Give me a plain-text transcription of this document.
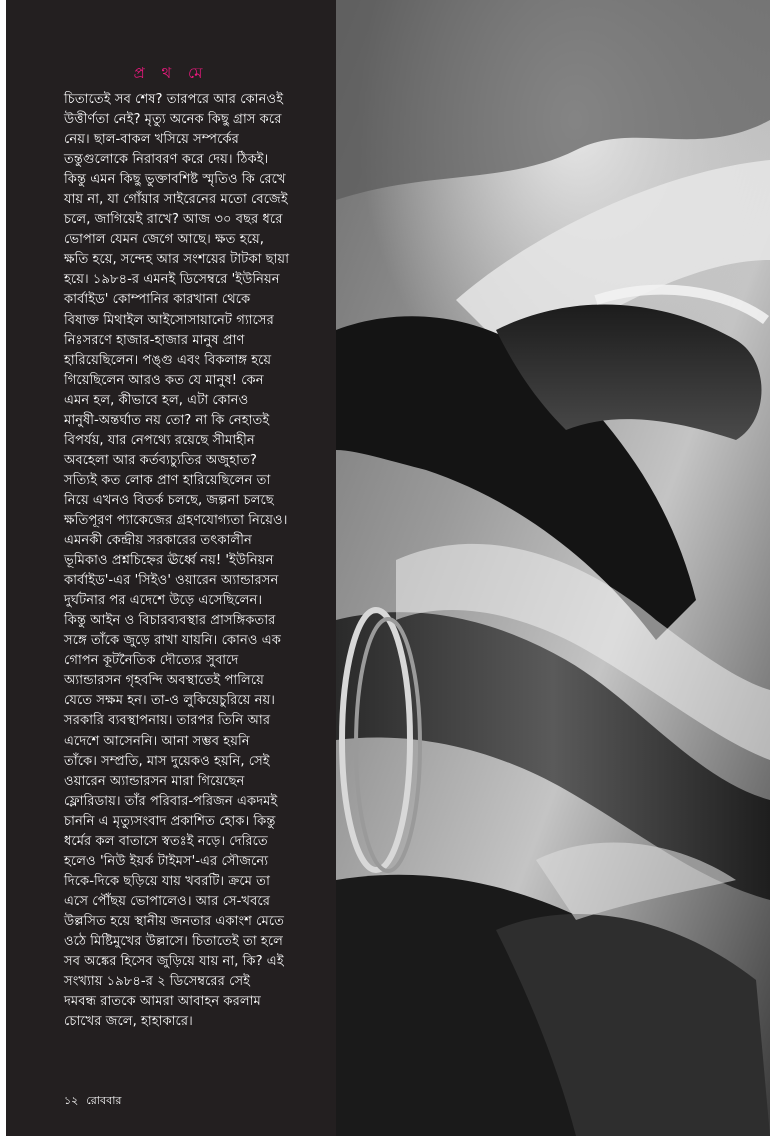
প্র থ মে
চিতাতেই সব শেষ? তারপরে আর কোনওই
উত্তীর্ণতা নেই? মৃত্যু অনেক কিছু গ্রাস করে
নেয়। ছাল-বাকল খসিয়ে সম্পর্কের
তন্তুগুলোকে নিরাবরণ করে দেয়। ঠিকই।
কিন্তু এমন কিছু ভুক্তাবশিষ্ট স্মৃতিও কি রেখে
যায় না, যা গোঁয়ার সাইরেনের মতো বেজেই
চলে, জাগিয়েই রাখে? আজ ৩০ বছর ধরে
ভোপাল যেমন জেগে আছে। ক্ষত হয়ে,
ক্ষতি হয়ে, সন্দেহ আর সংশয়ের টাটকা ছায়া
হয়ে। ১৯৮৪-র এমনই ডিসেম্বরে 'ইউনিয়ন
কার্বাইড' কোম্পানির কারখানা থেকে
বিষাক্ত মিথাইল আইসোসায়ানেট গ্যাসের
নিঃসরণে হাজার-হাজার মানুষ প্রাণ
হারিয়েছিলেন। পঙ্গু এবং বিকলাঙ্গ হয়ে
গিয়েছিলেন আরও কত যে মানুষ! কেন
এমন হল, কীভাবে হল, এটা কোনও
মানুষী-অন্তর্ঘাত নয় তো? না কি নেহাতই
বিপর্যয়, যার নেপথ্যে রয়েছে সীমাহীন
অবহেলা আর কর্তব্যচ্যুতির অজুহাত?
সত্যিই কত লোক প্রাণ হারিয়েছিলেন তা
নিয়ে এখনও বিতর্ক চলছে, জল্পনা চলছে
ক্ষতিপূরণ প্যাকেজের গ্রহণযোগ্যতা নিয়েও।
এমনকী কেন্দ্রীয় সরকারের তৎকালীন
ভূমিকাও প্রশ্নচিহ্নের ঊর্ধ্বে নয়! 'ইউনিয়ন
কার্বাইড'-এর 'সিইও' ওয়ারেন অ্যান্ডারসন
দুর্ঘটনার পর এদেশে উড়ে এসেছিলেন।
কিন্তু আইন ও বিচারব্যবস্থার প্রাসঙ্গিকতার
সঙ্গে তাঁকে জুড়ে রাখা যায়নি। কোনও এক
গোপন কূটনৈতিক দৌত্যের সুবাদে
অ্যান্ডারসন গৃহবন্দি অবস্থাতেই পালিয়ে
যেতে সক্ষম হন। তা-ও লুকিয়েচুরিয়ে নয়।
সরকারি ব্যবস্থাপনায়। তারপর তিনি আর
এদেশে আসেননি। আনা সম্ভব হয়নি
তাঁকে। সম্প্রতি, মাস দুয়েকও হয়নি, সেই
ওয়ারেন অ্যান্ডারসন মারা গিয়েছেন
ফ্লোরিডায়। তাঁর পরিবার-পরিজন একদমই
চাননি এ মৃত্যুসংবাদ প্রকাশিত হোক। কিন্তু
ধর্মের কল বাতাসে স্বতঃই নড়ে। দেরিতে
হলেও 'নিউ ইয়র্ক টাইমস'-এর সৌজন্যে
দিকে-দিকে ছড়িয়ে যায় খবরটি। ক্রমে তা
এসে পৌঁছয় ভোপালেও। আর সে-খবরে
উল্লসিত হয়ে স্থানীয় জনতার একাংশ মেতে
ওঠে মিষ্টিমুখের উল্লাসে। চিতাতেই তা হলে
সব অঙ্কের হিসেব জুড়িয়ে যায় না, কি? এই
সংখ্যায় ১৯৮৪-র ২ ডিসেম্বরের সেই
দমবন্ধ রাতকে আমরা আবাহন করলাম
চোখের জলে, হাহাকারে।
১২ রোববার
